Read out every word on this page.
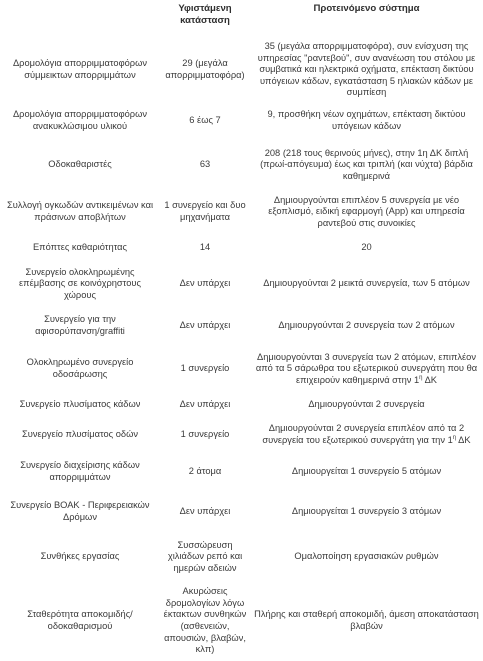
	Υφιστάμενη κατάσταση	Προτεινόμενο σύστημα
Δρομολόγια απορριμματοφόρων σύμμεικτων απορριμμάτων	29 (μεγάλα απορριμματοφόρα)	35 (μεγάλα απορριμματοφόρα), συν ενίσχυση της υπηρεσίας "ραντεβού", συν ανανέωση του στόλου με συμβατικά και ηλεκτρικά οχήματα, επέκταση δικτύου υπόγειων κάδων, εγκατάσταση 5 ηλιακών κάδων με συμπίεση
Δρομολόγια απορριμματοφόρων ανακυκλώσιμου υλικού	6 έως 7	9, προσθήκη νέων οχημάτων, επέκταση δικτύου υπόγειων κάδων
Οδοκαθαριστές	63	208 (218 τους θερινούς μήνες), στην 1η ΔΚ διπλή (πρωί-απόγευμα) έως και τριπλή (και νύχτα) βάρδια καθημερινά
Συλλογή ογκωδών αντικειμένων και πράσινων αποβλήτων	1 συνεργείο και δυο μηχανήματα	Δημιουργούνται επιπλέον 5 συνεργεία με νέο εξοπλισμό, ειδική εφαρμογή (App) και υπηρεσία ραντεβού στις συνοικίες
Επόπτες καθαριότητας	14	20
Συνεργείο ολοκληρωμένης επέμβασης σε κοινόχρηστους χώρους	Δεν υπάρχει	Δημιουργούνται 2 μεικτά συνεργεία, των 5 ατόμων
Συνεργείο για την αφισορύπανση/graffiti	Δεν υπάρχει	Δημιουργούνται 2 συνεργεία των 2 ατόμων
Ολοκληρωμένο συνεργείο οδοσάρωσης	1 συνεργείο	Δημιουργούνται 3 συνεργεία των 2 ατόμων, επιπλέον από τα 5 σάρωθρα του εξωτερικού συνεργάτη που θα επιχειρούν καθημερινά στην $1^\eta$ ΔΚ
Συνεργείο πλυσίματος κάδων	Δεν υπάρχει	Δημιουργούνται 2 συνεργεία
Συνεργείο πλυσίματος οδών	1 συνεργείο	Δημιουργούνται 2 συνεργεία επιπλέον από τα 2 συνεργεία του εξωτερικού συνεργάτη για την $1^\eta$ ΔΚ
Συνεργείο διαχείρισης κάδων απορριμμάτων	2 άτομα	Δημιουργείται 1 συνεργείο 5 ατόμων
Συνεργείο ΒΟΑΚ - Περιφερειακών Δρόμων	Δεν υπάρχει	Δημιουργείται 1 συνεργείο 3 ατόμων
Συνθήκες εργασίας	Συσσώρευση χιλιάδων ρεπό και ημερών αδειών	Ομαλοποίηση εργασιακών ρυθμών
Σταθερότητα αποκομιδής/ οδοκαθαρισμού	Ακυρώσεις δρομολογίων λόγω έκτακτων συνθηκών (ασθενειών, απουσιών, βλαβών, κλπ)	Πλήρης και σταθερή αποκομιδή, άμεση αποκατάσταση βλαβών
